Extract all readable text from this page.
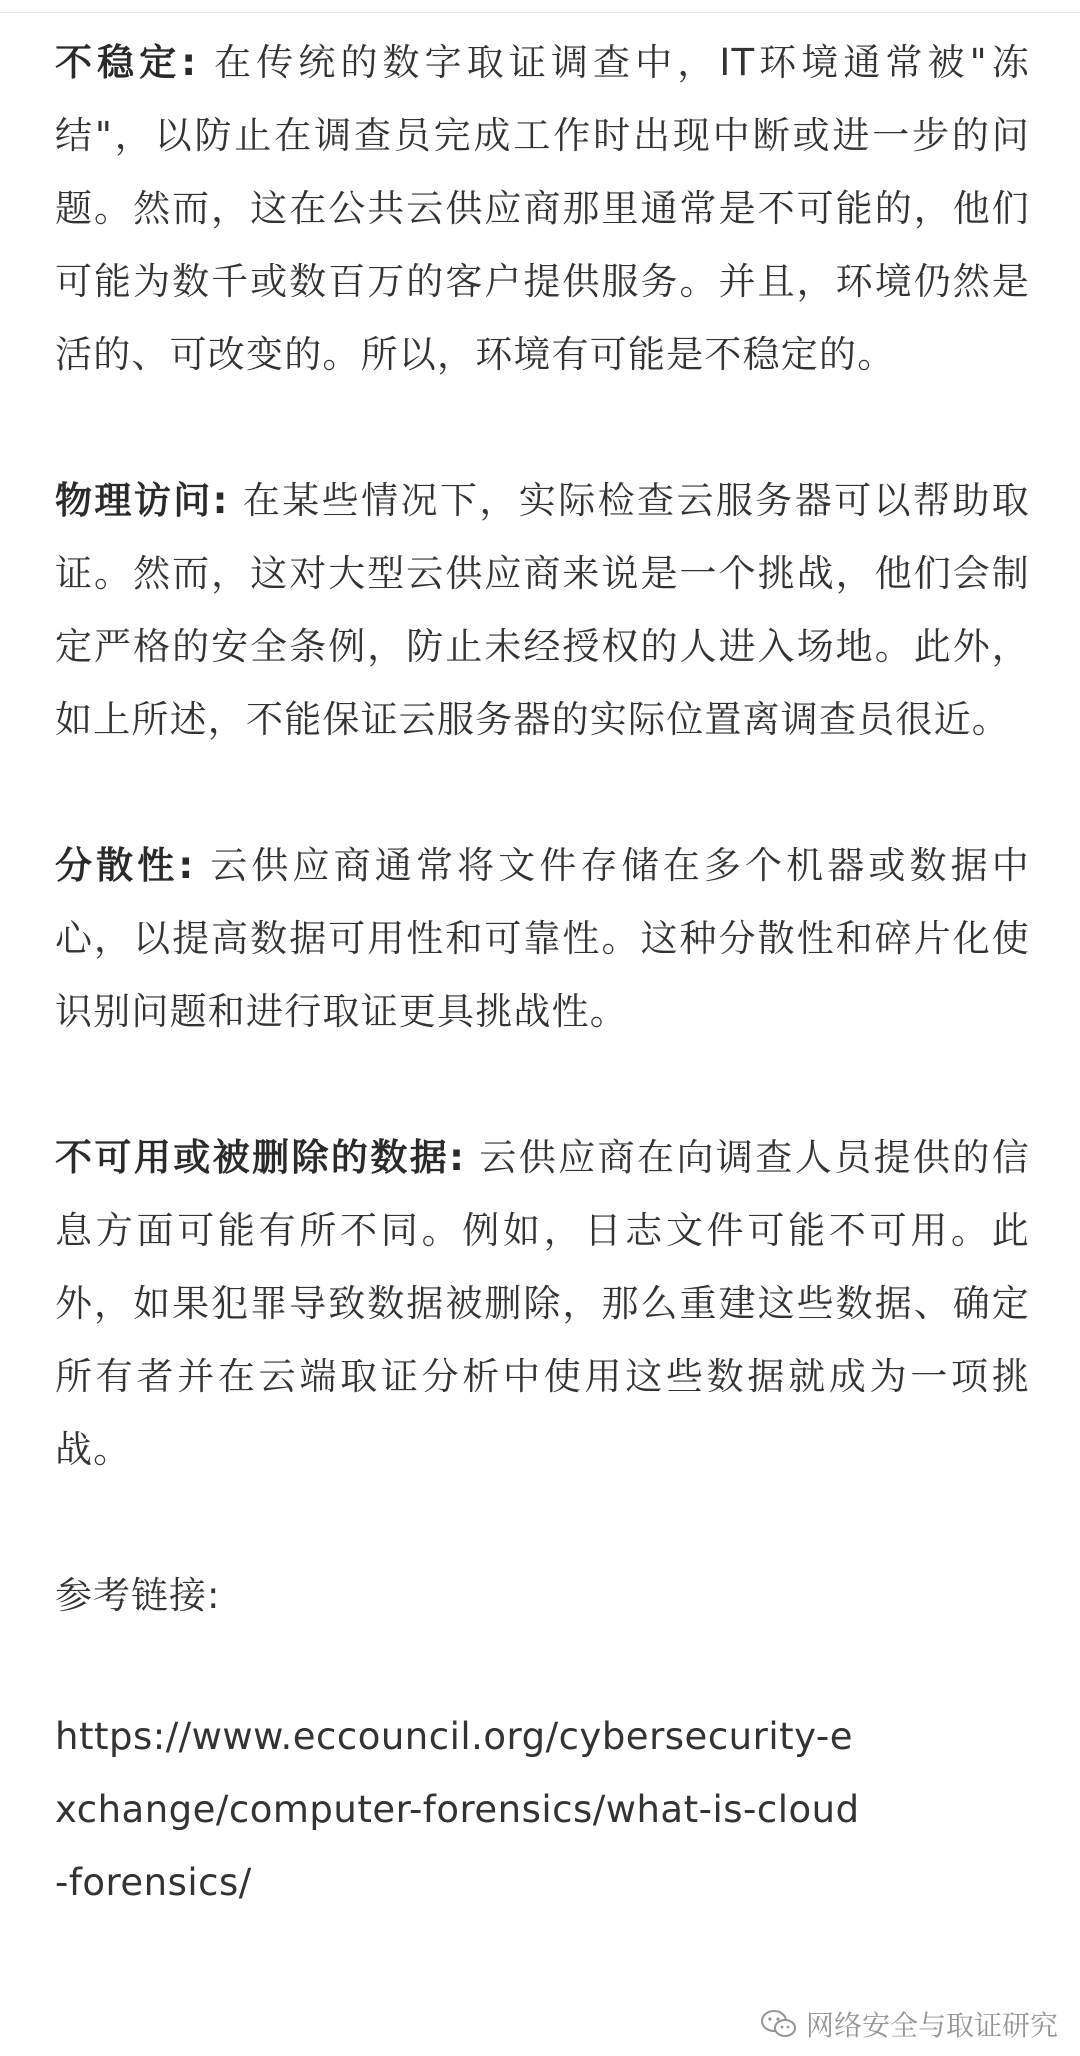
不稳定: 在传统的数字取证调查中，IT环境通常被"冻结"，以防止在调查员完成工作时出现中断或进一步的问题。然而，这在公共云供应商那里通常是不可能的，他们可能为数千或数百万的客户提供服务。并且，环境仍然是活的、可改变的。所以，环境有可能是不稳定的。

物理访问: 在某些情况下，实际检查云服务器可以帮助取证。然而，这对大型云供应商来说是一个挑战，他们会制定严格的安全条例，防止未经授权的人进入场地。此外，如上所述，不能保证云服务器的实际位置离调查员很近。

分散性: 云供应商通常将文件存储在多个机器或数据中心，以提高数据可用性和可靠性。这种分散性和碎片化使识别问题和进行取证更具挑战性。

不可用或被删除的数据: 云供应商在向调查人员提供的信息方面可能有所不同。例如，日志文件可能不可用。此外，如果犯罪导致数据被删除，那么重建这些数据、确定所有者并在云端取证分析中使用这些数据就成为一项挑战。

参考链接:

https://www.eccouncil.org/cybersecurity-exchange/computer-forensics/what-is-cloud-forensics/

网络安全与取证研究
